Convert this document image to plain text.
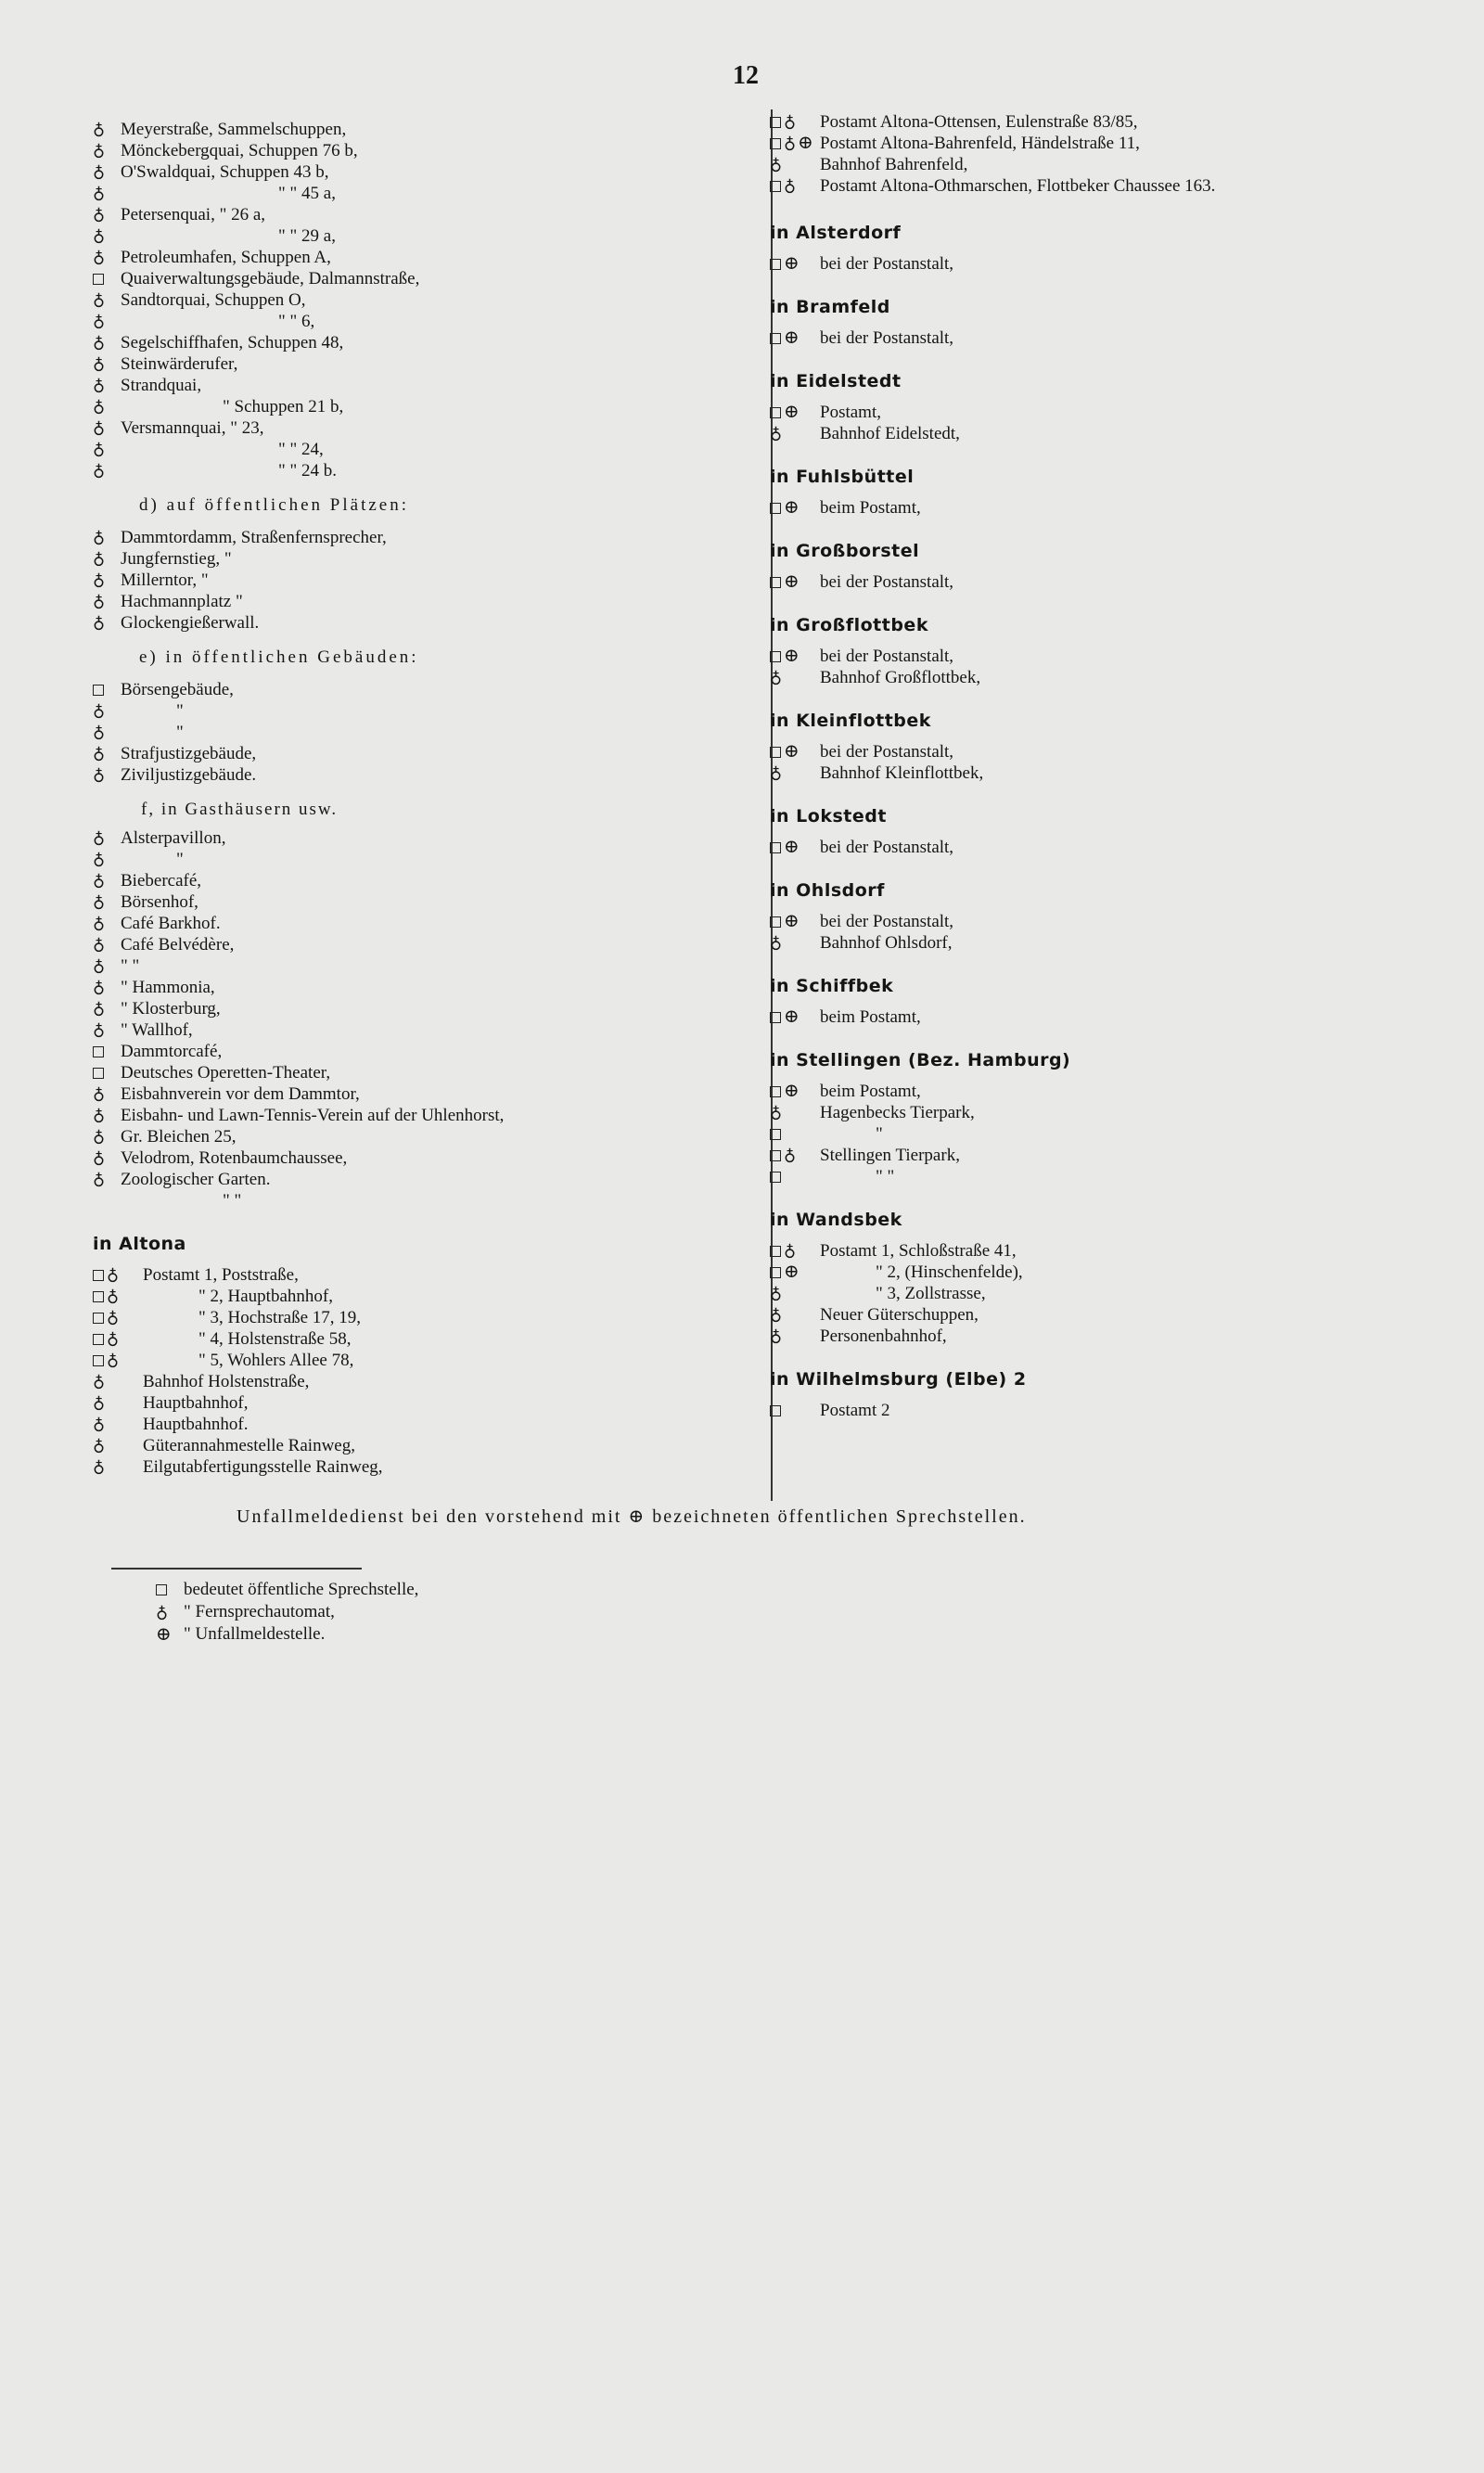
12
♁ Meyerstraße, Sammelschuppen,
♁ Mönckebergquai, Schuppen 76 b,
♁ O'Swaldquai, Schuppen 43 b,
♁	" " 45 a,
♁ Petersenquai, " 26 a,
♁	" " 29 a,
♁ Petroleumhafen, Schuppen A,
Quaiverwaltungsgebäude, Dalmannstraße,
♁ Sandtorquai, Schuppen O,
♁	" " 6,
♁ Segelschiffhafen, Schuppen 48,
♁ Steinwärderufer,
♁ Strandquai,
♁	" Schuppen 21 b,
♁ Versmannquai, " 23,
♁	" " 24,
♁	" " 24 b.
d) auf öffentlichen Plätzen:
♁ Dammtordamm, Straßenfernsprecher,
♁ Jungfernstieg, "
♁ Millerntor, "
♁ Hachmannplatz "
♁ Glockengießerwall.
e) in öffentlichen Gebäuden:
Börsengebäude,
♁	"
♁	"
♁ Strafjustizgebäude,
♁ Ziviljustizgebäude.
f, in Gasthäusern usw.
♁ Alsterpavillon,
♁	"
♁ Biebercafé,
♁ Börsenhof,
♁ Café Barkhof.
♁ Café Belvédère,
♁ " "
♁ " Hammonia,
♁ " Klosterburg,
♁ " Wallhof,
Dammtorcafé,
Deutsches Operetten-Theater,
♁ Eisbahnverein vor dem Dammtor,
♁ Eisbahn- und Lawn-Tennis-Verein auf der Uhlenhorst,
♁ Gr. Bleichen 25,
♁ Velodrom, Rotenbaumchaussee,
♁ Zoologischer Garten.
" "
in Altona
♁ Postamt 1, Poststraße,
♁	" 2, Hauptbahnhof,
♁	" 3, Hochstraße 17, 19,
♁	" 4, Holstenstraße 58,
♁	" 5, Wohlers Allee 78,
♁ Bahnhof Holstenstraße,
♁ Hauptbahnhof,
♁ Hauptbahnhof.
♁ Güterannahmestelle Rainweg,
♁ Eilgutabfertigungsstelle Rainweg,
♁ Postamt Altona-Ottensen, Eulenstraße 83/85,
♁ ⊕ Postamt Altona-Bahrenfeld, Händelstraße 11,
♁ Bahnhof Bahrenfeld,
♁ Postamt Altona-Othmarschen, Flottbeker Chaussee 163.
in Alsterdorf
⊕ bei der Postanstalt,
in Bramfeld
⊕ bei der Postanstalt,
in Eidelstedt
⊕ Postamt,
♁ Bahnhof Eidelstedt,
in Fuhlsbüttel
⊕ beim Postamt,
in Großborstel
⊕ bei der Postanstalt,
in Großflottbek
⊕ bei der Postanstalt,
♁ Bahnhof Großflottbek,
in Kleinflottbek
⊕ bei der Postanstalt,
♁ Bahnhof Kleinflottbek,
in Lokstedt
⊕ bei der Postanstalt,
in Ohlsdorf
⊕ bei der Postanstalt,
♁ Bahnhof Ohlsdorf,
in Schiffbek
⊕ beim Postamt,
in Stellingen (Bez. Hamburg)
⊕ beim Postamt,
♁ Hagenbecks Tierpark,
"
♁ Stellingen Tierpark,
" "
in Wandsbek
♁ Postamt 1, Schloßstraße 41,
⊕	" 2, (Hinschenfelde),
♁	" 3, Zollstrasse,
♁ Neuer Güterschuppen,
♁ Personenbahnhof,
in Wilhelmsburg (Elbe) 2
Postamt 2
Unfallmeldedienst bei den vorstehend mit ⊕ bezeichneten öffentlichen Sprechstellen.
bedeutet öffentliche Sprechstelle,
♁ " Fernsprechautomat,
⊕ " Unfallmeldestelle.
